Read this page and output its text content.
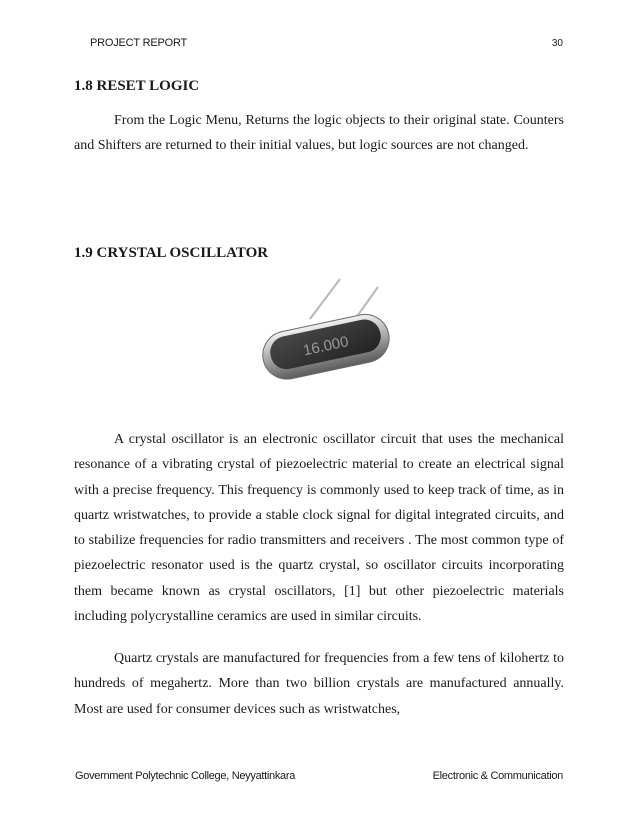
PROJECT REPORT	30
1.8 RESET LOGIC

From the Logic Menu, Returns the logic objects to their original state. Counters and Shifters are returned to their initial values, but logic sources are not changed.

1.9 CRYSTAL OSCILLATOR
16.000

A crystal oscillator is an electronic oscillator circuit that uses the mechanical resonance of a vibrating crystal of piezoelectric material to create an electrical signal with a precise frequency. This frequency is commonly used to keep track of time, as in quartz wristwatches, to provide a stable clock signal for digital integrated circuits, and to stabilize frequencies for radio transmitters and receivers . The most common type of piezoelectric resonator used is the quartz crystal, so oscillator circuits incorporating them became known as crystal oscillators, [1] but other piezoelectric materials including polycrystalline ceramics are used in similar circuits.

Quartz crystals are manufactured for frequencies from a few tens of kilohertz to hundreds of megahertz. More than two billion crystals are manufactured annually. Most are used for consumer devices such as wristwatches,

Government Polytechnic College, Neyyattinkara	Electronic & Communication
